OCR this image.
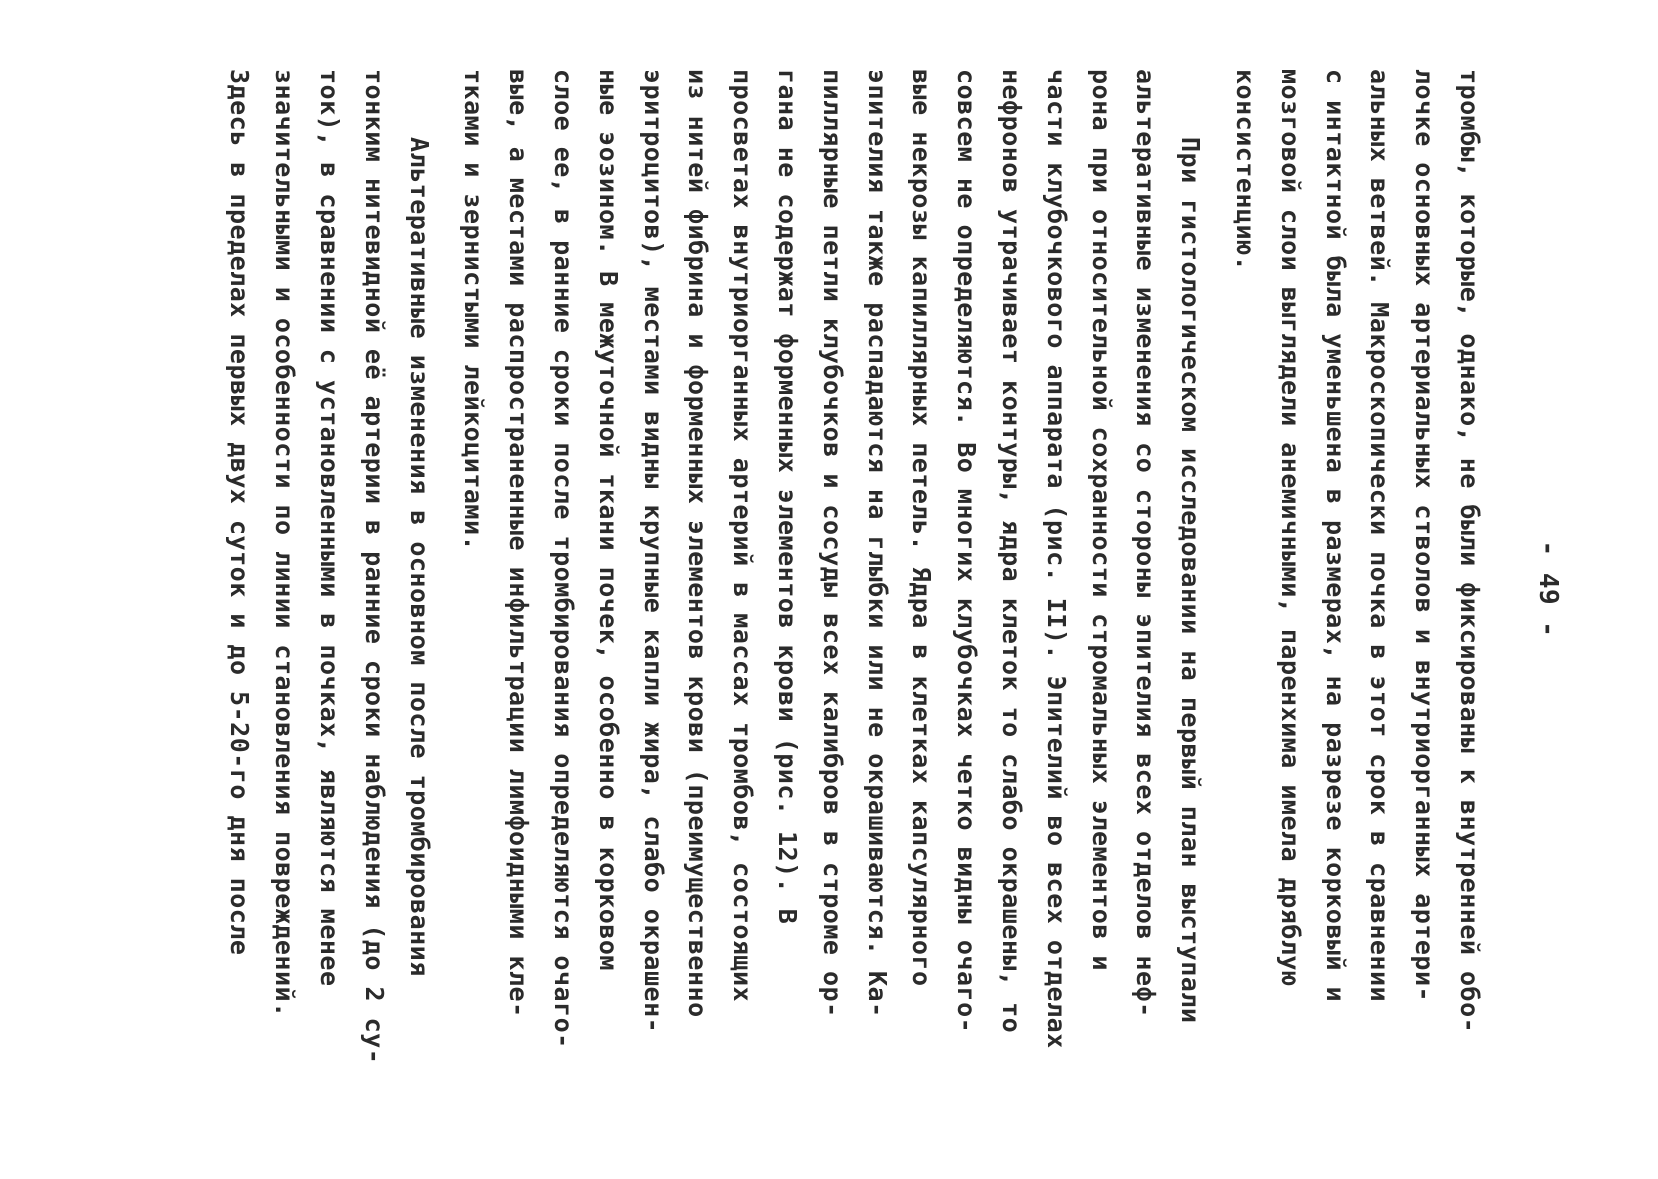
- 49 -
тромбы, которые, однако, не были фиксированы к внутренней обо-
лочке основных артериальных стволов и внутриорганных артери-
альных ветвей. Макроскопически почка в этот срок в сравнении
с интактной была уменьшена в размерах, на разрезе корковый и
мозговой слои выглядели анемичными, паренхима имела дряблую
консистенцию.
При гистологическом исследовании на первый план выступали
альтеративные изменения со стороны эпителия всех отделов неф-
рона при относительной сохранности стромальных элементов и
части клубочкового аппарата (рис. II). Эпителий во всех отделах
нефронов утрачивает контуры, ядра клеток то слабо окрашены, то
совсем не определяются. Во многих клубочках четко видны очаго-
вые некрозы капиллярных петель. Ядра в клетках капсулярного
эпителия также распадаются на глыбки или не окрашиваются. Ка-
пиллярные петли клубочков и сосуды всех калибров в строме ор-
гана не содержат форменных элементов крови (рис. 12). В
просветах внутриорганных артерий в массах тромбов, состоящих
из нитей фибрина и форменных элементов крови (преимущественно
эритроцитов), местами видны крупные капли жира, слабо окрашен-
ные эозином. В межуточной ткани почек, особенно в корковом
слое ее, в ранние сроки после тромбирования определяются очаго-
вые, а местами распространенные инфильтрации лимфоидными кле-
тками и зернистыми лейкоцитами.
Альтеративные изменения в основном после тромбирования
тонким нитевидной её артерии в ранние сроки наблюдения (до 2 су-
ток), в сравнении с установленными в почках, являются менее
значительными и особенности по линии становления повреждений.
Здесь в пределах первых двух суток и до 5-20-го дня после
